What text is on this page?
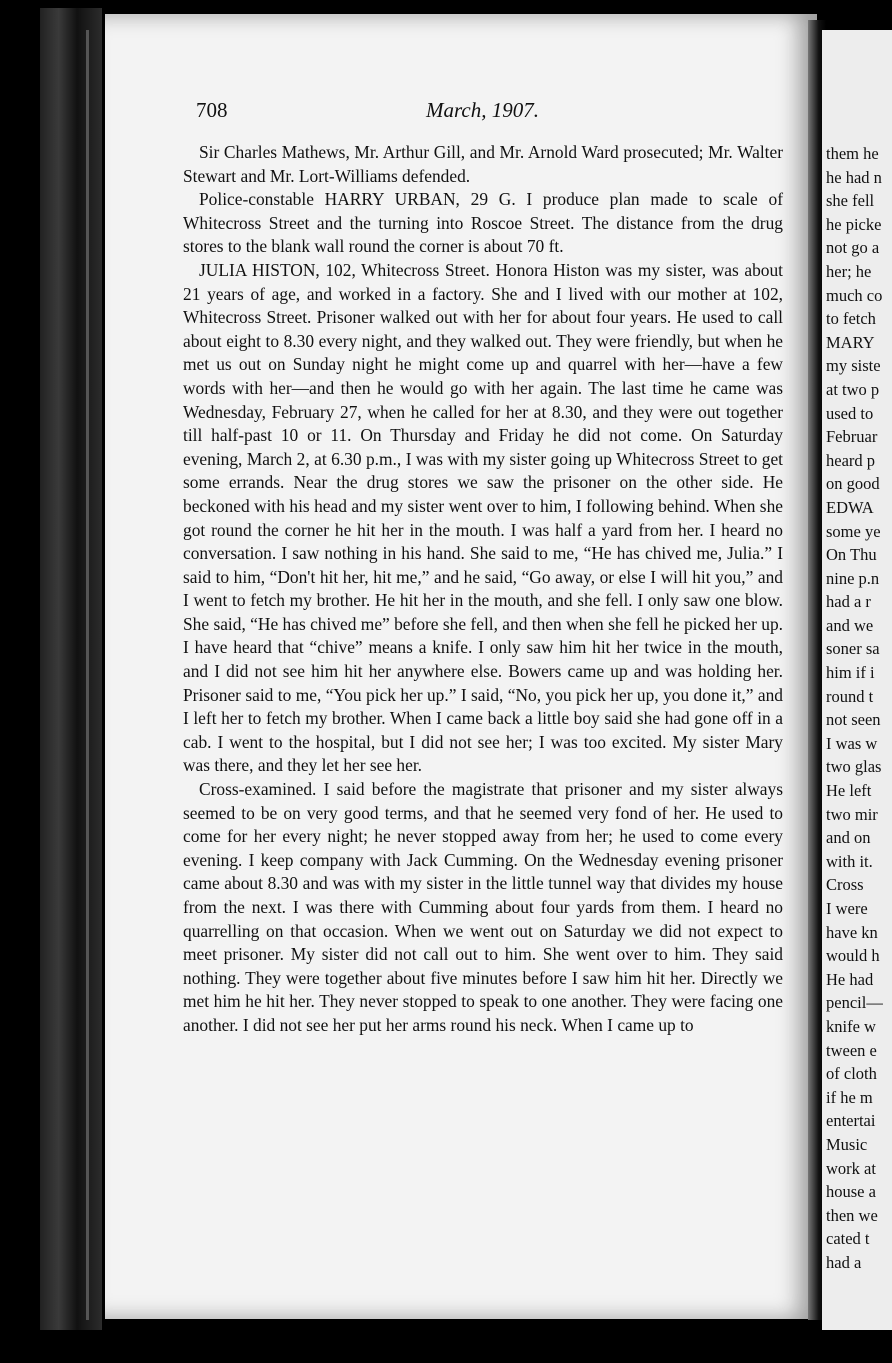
them he
he had n
she fell
he picke
not go a
her; he
much co
to fetch
MARY
my siste
at two p
used to
Februar
heard p
on good
EDWA
some ye
On Thu
nine p.n
had a r
and we
soner sa
him if i
round t
not seen
I was w
two glas
He left
two mir
and on
with it.
Cross
I were
have kn
would h
He had
pencil—
knife w
tween e
of cloth
if he m
entertai
Music
work at
house a
then we
cated t
had a
708	March, 1907.

Sir Charles Mathews, Mr. Arthur Gill, and Mr. Arnold Ward prosecuted; Mr. Walter Stewart and Mr. Lort-Williams defended.

Police-constable HARRY URBAN, 29 G. I produce plan made to scale of Whitecross Street and the turning into Roscoe Street. The distance from the drug stores to the blank wall round the corner is about 70 ft.

JULIA HISTON, 102, Whitecross Street. Honora Histon was my sister, was about 21 years of age, and worked in a factory. She and I lived with our mother at 102, Whitecross Street. Prisoner walked out with her for about four years. He used to call about eight to 8.30 every night, and they walked out. They were friendly, but when he met us out on Sunday night he might come up and quarrel with her—have a few words with her—and then he would go with her again. The last time he came was Wednesday, February 27, when he called for her at 8.30, and they were out together till half-past 10 or 11. On Thursday and Friday he did not come. On Saturday evening, March 2, at 6.30 p.m., I was with my sister going up Whitecross Street to get some errands. Near the drug stores we saw the prisoner on the other side. He beckoned with his head and my sister went over to him, I following behind. When she got round the corner he hit her in the mouth. I was half a yard from her. I heard no conversation. I saw nothing in his hand. She said to me, “He has chived me, Julia.” I said to him, “Don't hit her, hit me,” and he said, “Go away, or else I will hit you,” and I went to fetch my brother. He hit her in the mouth, and she fell. I only saw one blow. She said, “He has chived me” before she fell, and then when she fell he picked her up. I have heard that “chive” means a knife. I only saw him hit her twice in the mouth, and I did not see him hit her anywhere else. Bowers came up and was holding her. Prisoner said to me, “You pick her up.” I said, “No, you pick her up, you done it,” and I left her to fetch my brother. When I came back a little boy said she had gone off in a cab. I went to the hospital, but I did not see her; I was too excited. My sister Mary was there, and they let her see her.

Cross-examined. I said before the magistrate that prisoner and my sister always seemed to be on very good terms, and that he seemed very fond of her. He used to come for her every night; he never stopped away from her; he used to come every evening. I keep company with Jack Cumming. On the Wednesday evening prisoner came about 8.30 and was with my sister in the little tunnel way that divides my house from the next. I was there with Cumming about four yards from them. I heard no quarrelling on that occasion. When we went out on Saturday we did not expect to meet prisoner. My sister did not call out to him. She went over to him. They said nothing. They were together about five minutes before I saw him hit her. Directly we met him he hit her. They never stopped to speak to one another. They were facing one another. I did not see her put her arms round his neck. When I came up to
